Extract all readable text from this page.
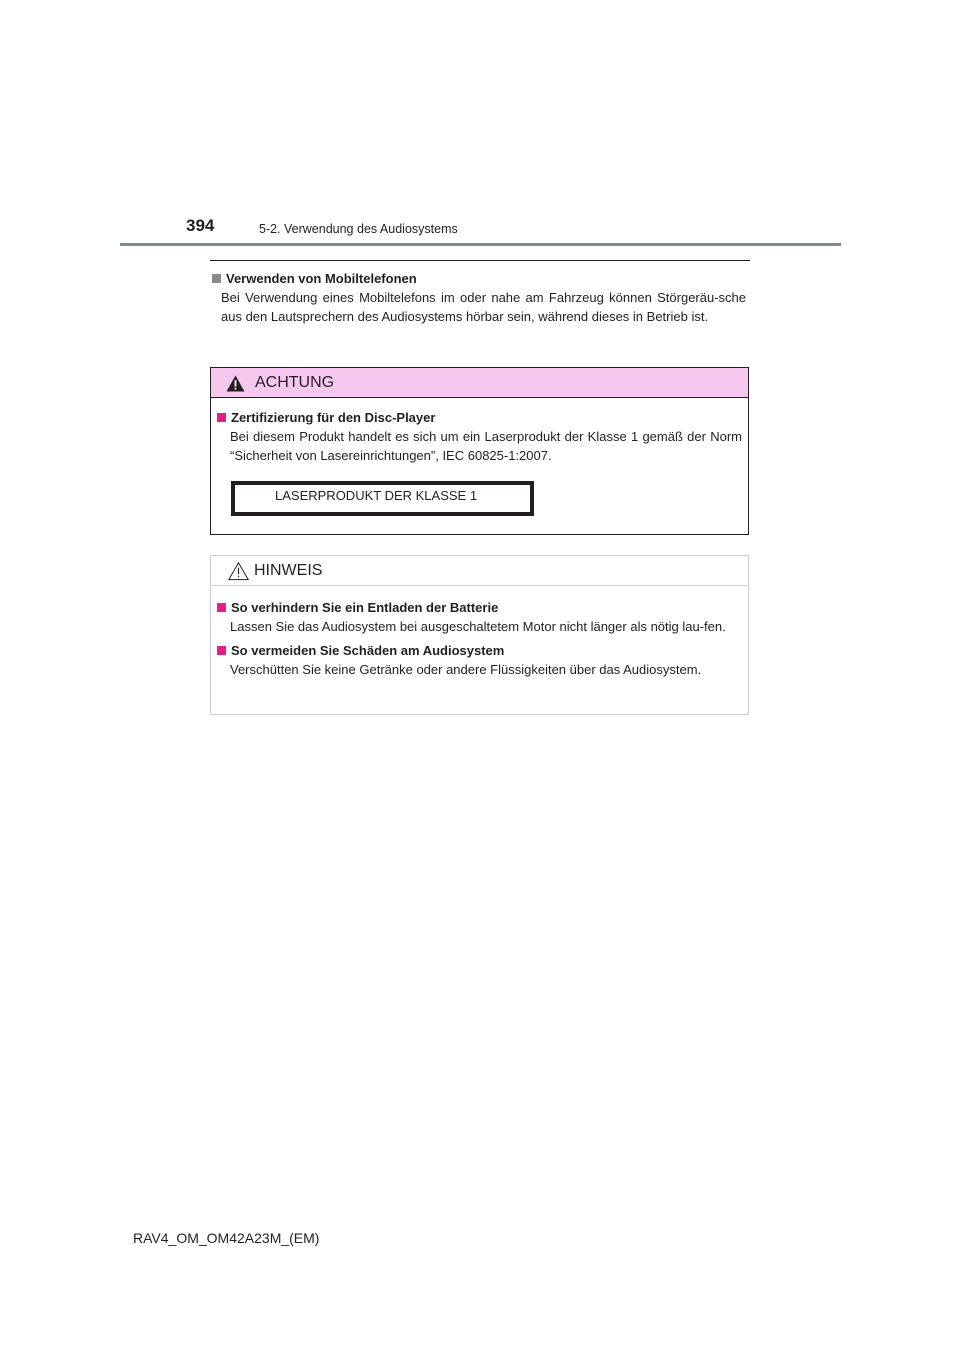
394	5-2. Verwendung des Audiosystems
Verwenden von Mobiltelefonen
Bei Verwendung eines Mobiltelefons im oder nahe am Fahrzeug können Störgeräu-sche aus den Lautsprechern des Audiosystems hörbar sein, während dieses in Betrieb ist.
ACHTUNG
Zertifizierung für den Disc-Player
Bei diesem Produkt handelt es sich um ein Laserprodukt der Klasse 1 gemäß der Norm “Sicherheit von Lasereinrichtungen”, IEC 60825-1:2007.
LASERPRODUKT DER KLASSE 1
HINWEIS
So verhindern Sie ein Entladen der Batterie
Lassen Sie das Audiosystem bei ausgeschaltetem Motor nicht länger als nötig lau-fen.
So vermeiden Sie Schäden am Audiosystem
Verschütten Sie keine Getränke oder andere Flüssigkeiten über das Audiosystem.
RAV4_OM_OM42A23M_(EM)
